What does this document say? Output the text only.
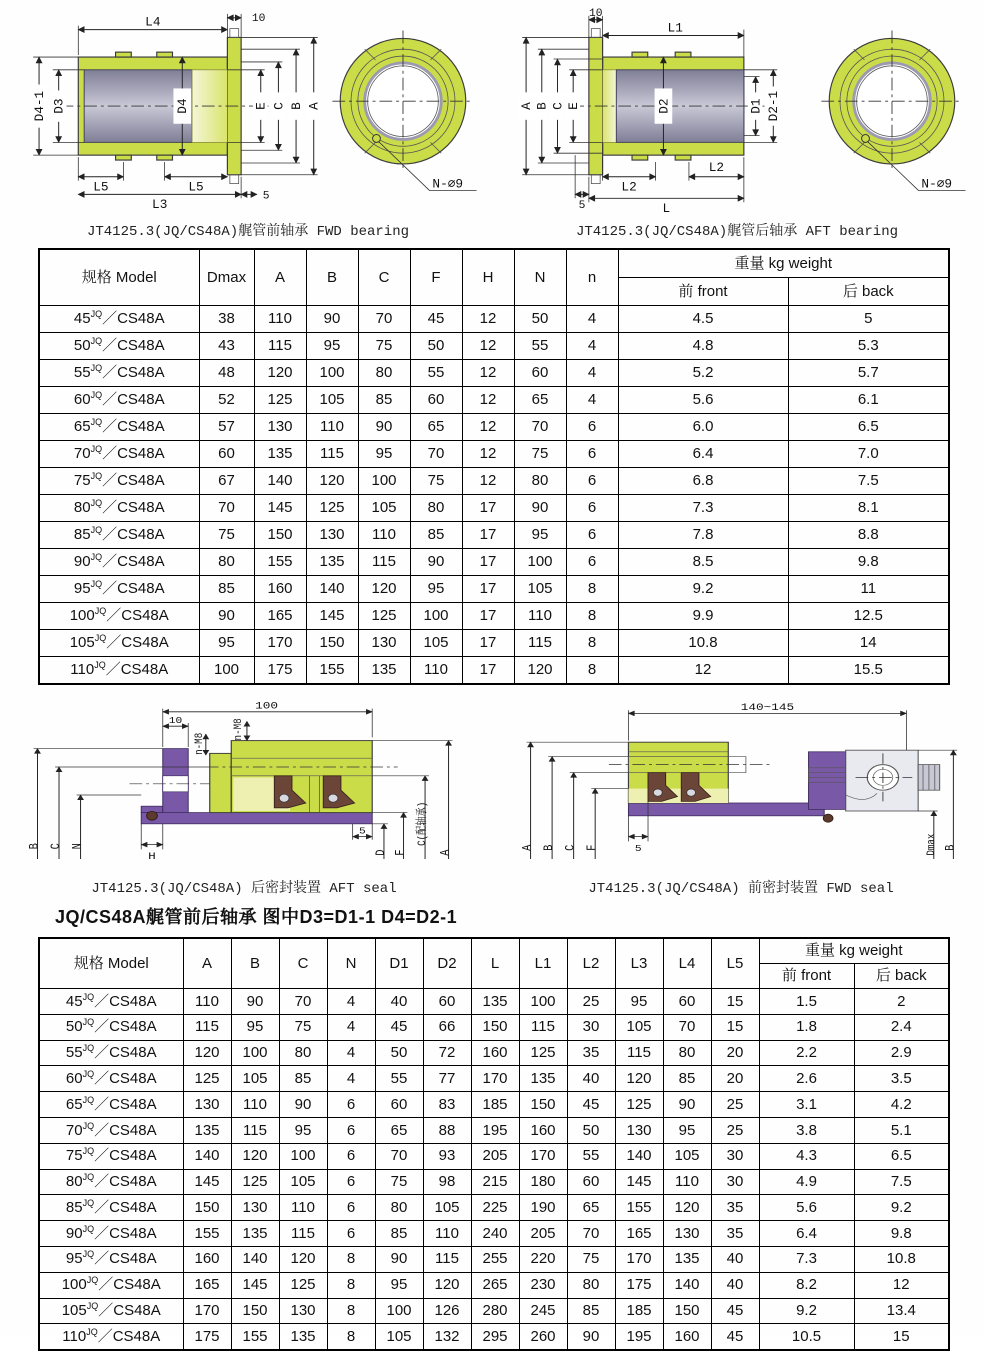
L4	10
D4-1 D3	D4	E C B A
L5	L5
L3
5
N-∅9
JT4125.3(JQ/CS48A)艉管前轴承 FWD bearing
10
L1
A B C E	D2	D1 D2-1
L2
L2
5	L
N-∅9
JT4125.3(JQ/CS48A)艉管后轴承 AFT bearing
规格 Model	Dmax	A	B	C	F	H	N	n	重量 kg weight	
									前 front	后 back
$45^{JQ}/CS48A$	38	110	90	70	45	12	50	4	4.5	5
$50^{JQ}/CS48A$	43	115	95	75	50	12	55	4	4.8	5.3
$55^{JQ}/CS48A$	48	120	100	80	55	12	60	4	5.2	5.7
$60^{JQ}/CS48A$	52	125	105	85	60	12	65	4	5.6	6.1
$65^{JQ}/CS48A$	57	130	110	90	65	12	70	6	6.0	6.5
$70^{JQ}/CS48A$	60	135	115	95	70	12	75	6	6.4	7.0
$75^{JQ}/CS48A$	67	140	120	100	75	12	80	6	6.8	7.5
$80^{JQ}/CS48A$	70	145	125	105	80	17	90	6	7.3	8.1
$85^{JQ}/CS48A$	75	150	130	110	85	17	95	6	7.8	8.8
$90^{JQ}/CS48A$	80	155	135	115	90	17	100	6	8.5	9.8
$95^{JQ}/CS48A$	85	160	140	120	95	17	105	8	9.2	11
$100^{JQ}/CS48A$	90	165	145	125	100	17	110	8	9.9	12.5
$105^{JQ}/CS48A$	95	170	150	130	105	17	115	8	10.8	14
$110^{JQ}/CS48A$	100	175	155	135	110	17	120	8	12	15.5
100
10
n-M8
n-M8
B C N
H
5
D F
C(配轴承)
A
JT4125.3(JQ/CS48A) 后密封装置 AFT seal
140~145
A B C F	5	Dmax B
JT4125.3(JQ/CS48A) 前密封装置 FWD seal
JQ/CS48A艉管前后轴承 图中D3=D1-1 D4=D2-1
规格 Model	A	B	C	N	D1	D2	L	L1	L2	L3	L4	L5	重量 kg weight	
													前 front	后 back
$45^{JQ}/CS48A$	110	90	70	4	40	60	135	100	25	95	60	15	1.5	2
$50^{JQ}/CS48A$	115	95	75	4	45	66	150	115	30	105	70	15	1.8	2.4
$55^{JQ}/CS48A$	120	100	80	4	50	72	160	125	35	115	80	20	2.2	2.9
$60^{JQ}/CS48A$	125	105	85	4	55	77	170	135	40	120	85	20	2.6	3.5
$65^{JQ}/CS48A$	130	110	90	6	60	83	185	150	45	125	90	25	3.1	4.2
$70^{JQ}/CS48A$	135	115	95	6	65	88	195	160	50	130	95	25	3.8	5.1
$75^{JQ}/CS48A$	140	120	100	6	70	93	205	170	55	140	105	30	4.3	6.5
$80^{JQ}/CS48A$	145	125	105	6	75	98	215	180	60	145	110	30	4.9	7.5
$85^{JQ}/CS48A$	150	130	110	6	80	105	225	190	65	155	120	35	5.6	9.2
$90^{JQ}/CS48A$	155	135	115	6	85	110	240	205	70	165	130	35	6.4	9.8
$95^{JQ}/CS48A$	160	140	120	8	90	115	255	220	75	170	135	40	7.3	10.8
$100^{JQ}/CS48A$	165	145	125	8	95	120	265	230	80	175	140	40	8.2	12
$105^{JQ}/CS48A$	170	150	130	8	100	126	280	245	85	185	150	45	9.2	13.4
$110^{JQ}/CS48A$	175	155	135	8	105	132	295	260	90	195	160	45	10.5	15
